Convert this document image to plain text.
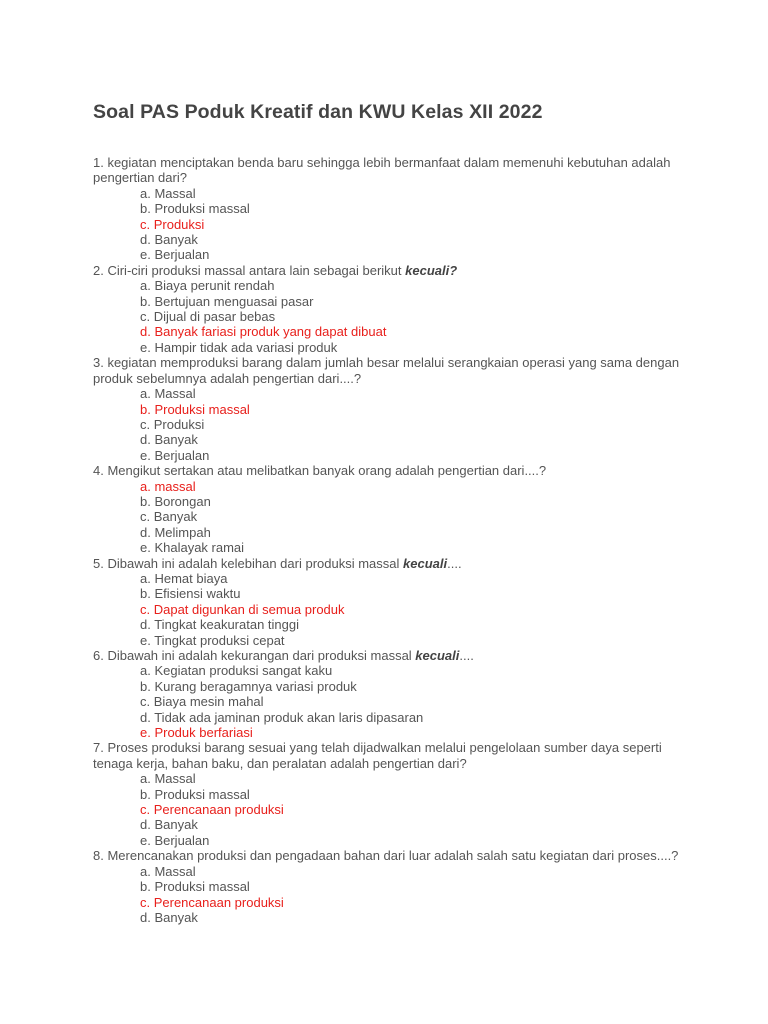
Soal PAS Poduk Kreatif dan KWU Kelas XII 2022

1. kegiatan menciptakan benda baru sehingga lebih bermanfaat dalam memenuhi kebutuhan adalah pengertian dari?

a. Massal
b. Produksi massal
c. Produksi
d. Banyak
e. Berjualan

2. Ciri-ciri produksi massal antara lain sebagai berikut kecuali?

a. Biaya perunit rendah
b. Bertujuan menguasai pasar
c. Dijual di pasar bebas
d. Banyak fariasi produk yang dapat dibuat
e. Hampir tidak ada variasi produk

3. kegiatan memproduksi barang dalam jumlah besar melalui serangkaian operasi yang sama dengan produk sebelumnya adalah pengertian dari....?

a. Massal
b. Produksi massal
c. Produksi
d. Banyak
e. Berjualan

4. Mengikut sertakan atau melibatkan banyak orang adalah pengertian dari....?

a. massal
b. Borongan
c. Banyak
d. Melimpah
e. Khalayak ramai

5. Dibawah ini adalah kelebihan dari produksi massal kecuali....

a. Hemat biaya
b. Efisiensi waktu
c. Dapat digunkan di semua produk
d. Tingkat keakuratan tinggi
e. Tingkat produksi cepat

6. Dibawah ini adalah kekurangan dari produksi massal kecuali....

a. Kegiatan produksi sangat kaku
b. Kurang beragamnya variasi produk
c. Biaya mesin mahal
d. Tidak ada jaminan produk akan laris dipasaran
e. Produk berfariasi

7. Proses produksi barang sesuai yang telah dijadwalkan melalui pengelolaan sumber daya seperti tenaga kerja, bahan baku, dan peralatan adalah pengertian dari?

a. Massal
b. Produksi massal
c. Perencanaan produksi
d. Banyak
e. Berjualan

8. Merencanakan produksi dan pengadaan bahan dari luar adalah salah satu kegiatan dari proses....?

a. Massal
b. Produksi massal
c. Perencanaan produksi
d. Banyak
